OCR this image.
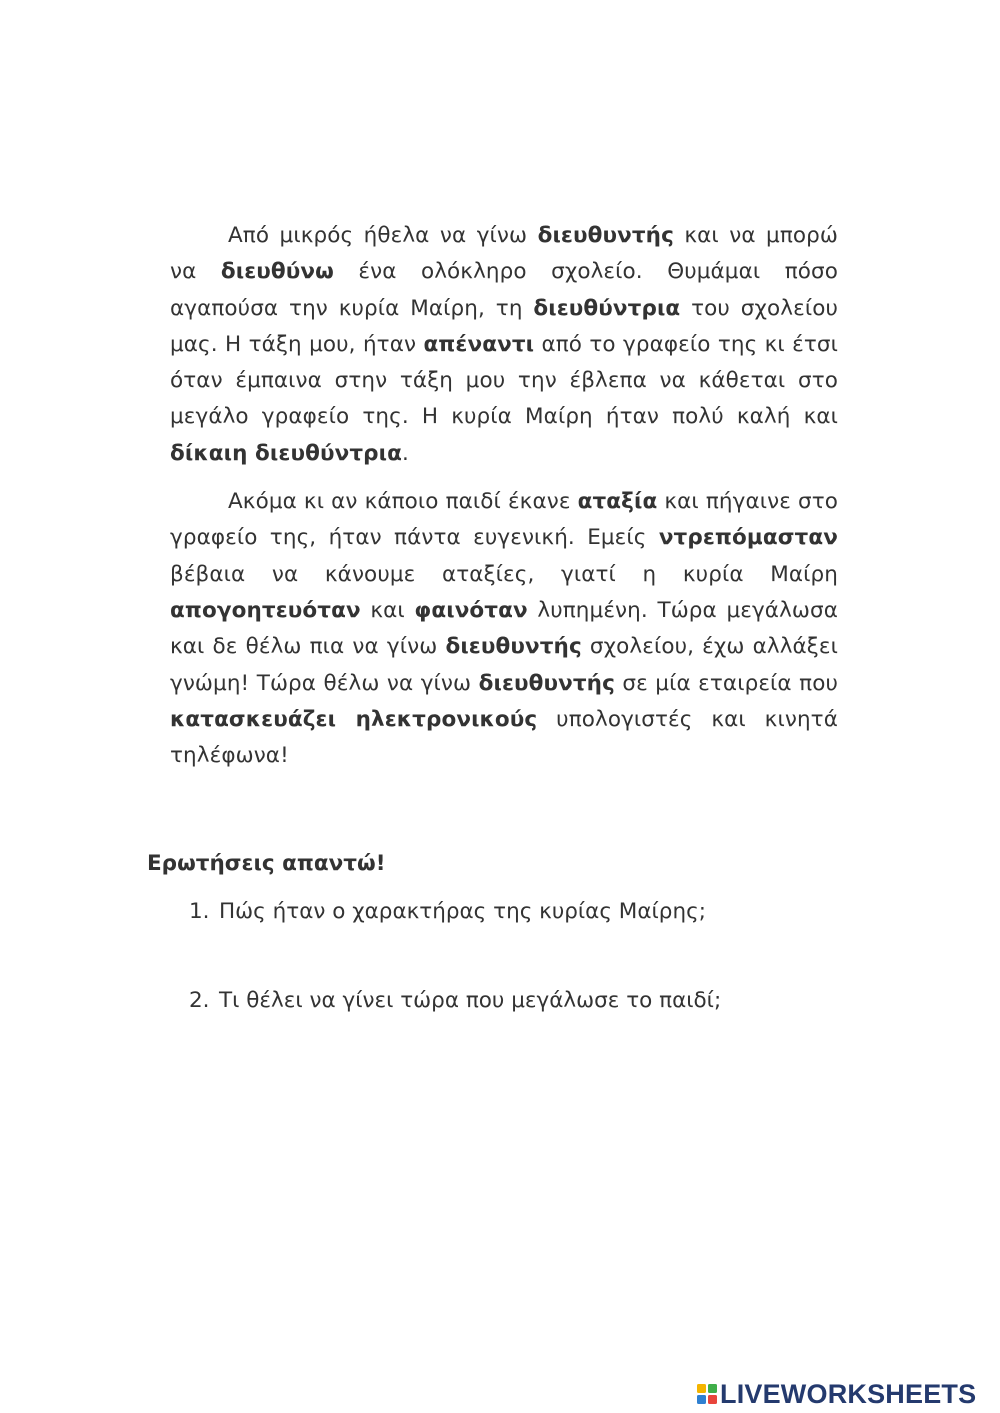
Από μικρός ήθελα να γίνω διευθυντής και να μπορώ να διευθύνω ένα ολόκληρο σχολείο. Θυμάμαι πόσο αγαπούσα την κυρία Μαίρη, τη διευθύντρια του σχολείου μας. Η τάξη μου, ήταν απέναντι από το γραφείο της κι έτσι όταν έμπαινα στην τάξη μου την έβλεπα να κάθεται στο μεγάλο γραφείο της. Η κυρία Μαίρη ήταν πολύ καλή και δίκαιη διευθύντρια.

Ακόμα κι αν κάποιο παιδί έκανε αταξία και πήγαινε στο γραφείο της, ήταν πάντα ευγενική. Εμείς ντρεπόμασταν βέβαια να κάνουμε αταξίες, γιατί η κυρία Μαίρη απογοητευόταν και φαινόταν λυπημένη. Τώρα μεγάλωσα και δε θέλω πια να γίνω διευθυντής σχολείου, έχω αλλάξει γνώμη! Τώρα θέλω να γίνω διευθυντής σε μία εταιρεία που κατασκευάζει ηλεκτρονικούς υπολογιστές και κινητά τηλέφωνα!

Ερωτήσεις απαντώ!
1. Πώς ήταν ο χαρακτήρας της κυρίας Μαίρης;
2. Τι θέλει να γίνει τώρα που μεγάλωσε το παιδί;
LIVEWORKSHEETS
